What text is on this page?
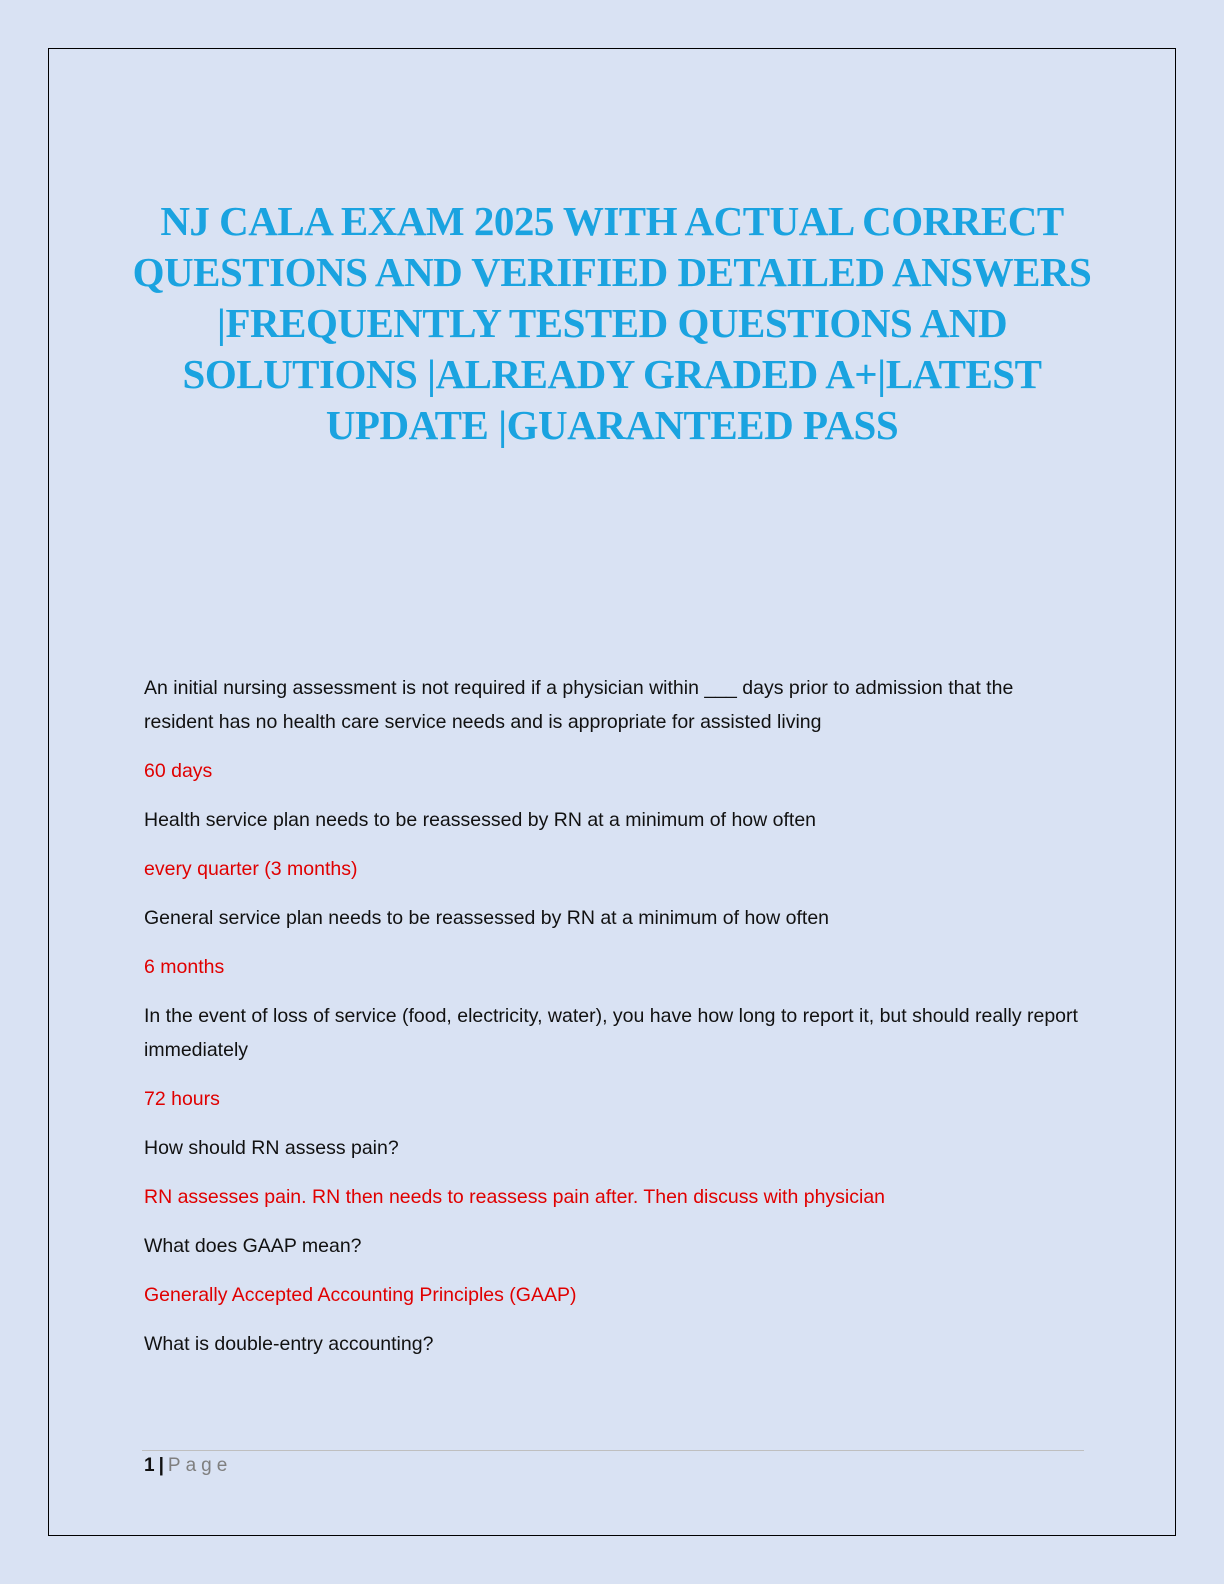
NJ CALA EXAM 2025 WITH ACTUAL CORRECT QUESTIONS AND VERIFIED DETAILED ANSWERS |FREQUENTLY TESTED QUESTIONS AND SOLUTIONS |ALREADY GRADED A+|LATEST UPDATE |GUARANTEED PASS

An initial nursing assessment is not required if a physician within ___ days prior to admission that the resident has no health care service needs and is appropriate for assisted living

60 days

Health service plan needs to be reassessed by RN at a minimum of how often

every quarter (3 months)

General service plan needs to be reassessed by RN at a minimum of how often

6 months

In the event of loss of service (food, electricity, water), you have how long to report it, but should really report immediately

72 hours

How should RN assess pain?

RN assesses pain. RN then needs to reassess pain after. Then discuss with physician

What does GAAP mean?

Generally Accepted Accounting Principles (GAAP)

What is double-entry accounting?

1 | Page
